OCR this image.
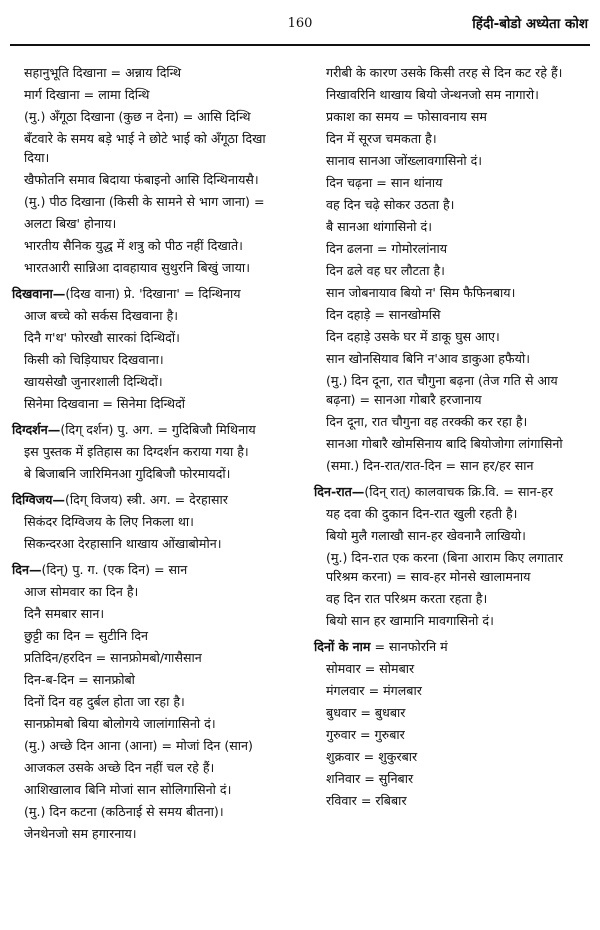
160	हिंदी-बोडो अध्येता कोश
सहानुभूति दिखाना = अन्नाय दिन्थि
मार्ग दिखाना = लामा दिन्थि
(मु.) अँगूठा दिखाना (कुछ न देना) = आसि दिन्थि
बँटवारे के समय बड़े भाई ने छोटे भाई को अँगूठा दिखा दिया।
खैफोतनि समाव बिदाया फंबाइनो आसि दिन्थिनायसै।
(मु.) पीठ दिखाना (किसी के सामने से भाग जाना) =
अलटा बिख' होनाय।
भारतीय सैनिक युद्ध में शत्रु को पीठ नहीं दिखाते।
भारतआरी सान्निआ दावहायाव सुथुरनि बिखुं जाया।
दिखवाना—(दिख वाना) प्रे. 'दिखाना' = दिन्थिनाय
आज बच्चे को सर्कस दिखवाना है।
दिनै ग'थ' फोरखौ सारकां दिन्थिदों।
किसी को चिड़ियाघर दिखवाना।
खायसेखौ जुनारशाली दिन्थिदों।
सिनेमा दिखवाना = सिनेमा दिन्थिदों
दिग्दर्शन—(दिग् दर्शन) पु. अग. = गुदिबिजौ मिथिनाय
इस पुस्तक में इतिहास का दिग्दर्शन कराया गया है।
बे बिजाबनि जारिमिनआ गुदिबिजौ फोरमायदों।
दिग्विजय—(दिग् विजय) स्त्री. अग. = देरहासार
सिकंदर दिग्विजय के लिए निकला था।
सिकन्दरआ देरहासानि थाखाय ओंखाबोमोन।
दिन—(दिन्) पु. ग. (एक दिन) = सान
आज सोमवार का दिन है।
दिनै समबार सान।
छुट्टी का दिन = सुटीनि दिन
प्रतिदिन/हरदिन = सानफ्रोमबो/गासैसान
दिन-ब-दिन = सानफ्रोबो
दिनों दिन वह दुर्बल होता जा रहा है।
सानफ्रोमबो बिया बोलोगये जालांगासिनो दं।
(मु.) अच्छे दिन आना (आना) = मोजां दिन (सान)
आजकल उसके अच्छे दिन नहीं चल रहे हैं।
आशिखालाव बिनि मोजां सान सोलिगासिनो दं।
(मु.) दिन कटना (कठिनाई से समय बीतना)।
जेनथेनजो सम हगारनाय।
गरीबी के कारण उसके किसी तरह से दिन कट रहे हैं।
निखावरिनि थाखाय बियो जेन्थनजो सम नागारो।
प्रकाश का समय = फोसावनाय सम
दिन में सूरज चमकता है।
सानाव सानआ जोंख्लावगासिनो दं।
दिन चढ़ना = सान थांनाय
वह दिन चढ़े सोकर उठता है।
बै सानआ थांगासिनो दं।
दिन ढलना = गोमोरलांनाय
दिन ढले वह घर लौटता है।
सान जोबनायाव बियो न' सिम फैफिनबाय।
दिन दहाड़े = सानखोमसि
दिन दहाड़े उसके घर में डाकू घुस आए।
सान खोनसियाव बिनि न'आव डाकुआ हफैयो।
(मु.) दिन दूना, रात चौगुना बढ़ना (तेज गति से आय बढ़ना) = सानआ गोबारै हरजानाय
दिन दूना, रात चौगुना वह तरक्की कर रहा है।
सानआ गोबारै खोमसिनाय बादि बियोजोगा लांगासिनो
(समा.) दिन-रात/रात-दिन = सान हर/हर सान
दिन-रात—(दिन् रात्) कालवाचक क्रि.वि. = सान-हर
यह दवा की दुकान दिन-रात खुली रहती है।
बियो मुलै गलाखौ सान-हर खेवनानै लाखियो।
(मु.) दिन-रात एक करना (बिना आराम किए लगातार परिश्रम करना) = साव-हर मोनसे खालामनाय
वह दिन रात परिश्रम करता रहता है।
बियो सान हर खामानि मावगासिनो दं।
दिनों के नाम = सानफोरनि मं
सोमवार = सोमबार
मंगलवार = मंगलबार
बुधवार = बुधबार
गुरुवार = गुरुबार
शुक्रवार = शुकुरबार
शनिवार = सुनिबार
रविवार = रबिबार
